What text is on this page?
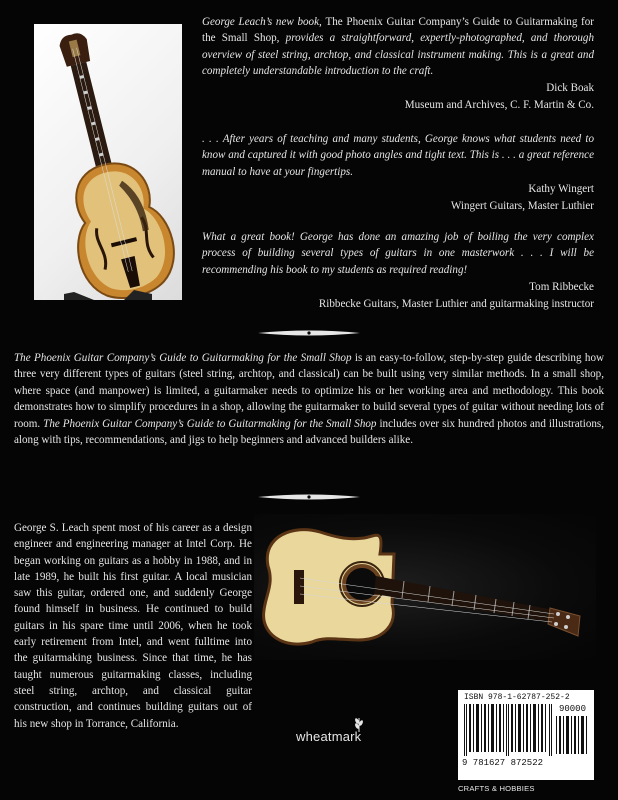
George Leach’s new book, The Phoenix Guitar Company’s Guide to Guitarmaking for the Small Shop, provides a straightforward, expertly-photographed, and thorough overview of steel string, archtop, and classical instrument making. This is a great and completely understandable introduction to the craft.

Dick Boak
Museum and Archives, C. F. Martin & Co.

. . . After years of teaching and many students, George knows what students need to know and captured it with good photo angles and tight text. This is . . . a great reference manual to have at your fingertips.

Kathy Wingert
Wingert Guitars, Master Luthier

What a great book! George has done an amazing job of boiling the very complex process of building several types of guitars in one masterwork . . . I will be recommending his book to my students as required reading!

Tom Ribbecke
Ribbecke Guitars, Master Luthier and guitarmaking instructor

The Phoenix Guitar Company’s Guide to Guitarmaking for the Small Shop is an easy-to-follow, step-by-step guide describing how three very different types of guitars (steel string, archtop, and classical) can be built using very similar methods. In a small shop, where space (and manpower) is limited, a guitarmaker needs to optimize his or her working area and methodology. This book demonstrates how to simplify procedures in a shop, allowing the guitarmaker to build several types of guitar without needing lots of room. The Phoenix Guitar Company’s Guide to Guitarmaking for the Small Shop includes over six hundred photos and illustrations, along with tips, recommendations, and jigs to help beginners and advanced builders alike.

George S. Leach spent most of his career as a design engineer and engineering manager at Intel Corp. He began working on guitars as a hobby in 1988, and in late 1989, he built his first guitar. A local musician saw this guitar, ordered one, and suddenly George found himself in business. He continued to build guitars in his spare time until 2006, when he took early retirement from Intel, and went fulltime into the guitarmaking business. Since that time, he has taught numerous guitarmaking classes, including steel string, archtop, and classical guitar construction, and continues building guitars out of his new shop in Torrance, California.

wheatmark
ISBN 978-1-62787-252-2
90000
9 781627 872522
CRAFTS & HOBBIES
